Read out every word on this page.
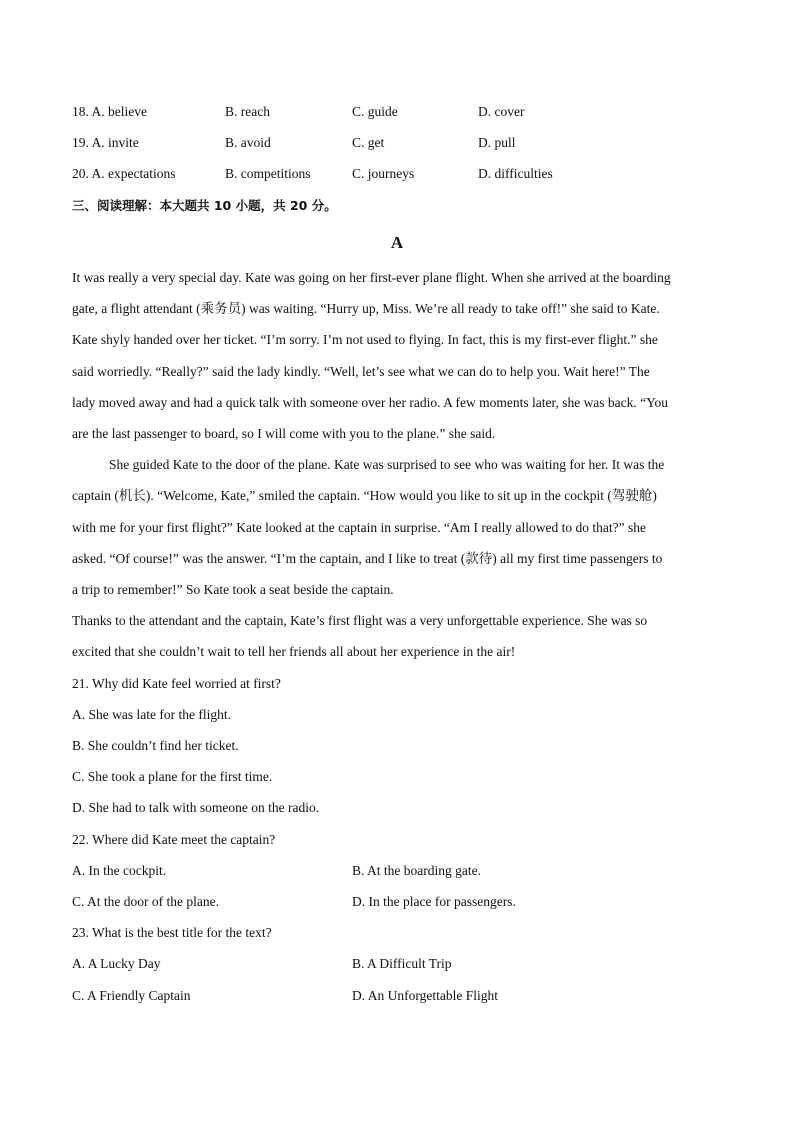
18. A. believe	B. reach	C. guide	D. cover
19. A. invite	B. avoid	C. get	D. pull
20. A. expectations	B. competitions	C. journeys	D. difficulties
三、阅读理解：本大题共 10 小题，共 20 分。
A
It was really a very special day. Kate was going on her first-ever plane flight. When she arrived at the boarding
gate, a flight attendant (乘务员) was waiting. “Hurry up, Miss. We’re all ready to take off!” she said to Kate.
Kate shyly handed over her ticket. “I’m sorry. I’m not used to flying. In fact, this is my first-ever flight.” she
said worriedly. “Really?” said the lady kindly. “Well, let’s see what we can do to help you. Wait here!” The
lady moved away and had a quick talk with someone over her radio. A few moments later, she was back. “You
are the last passenger to board, so I will come with you to the plane.” she said.
She guided Kate to the door of the plane. Kate was surprised to see who was waiting for her. It was the
captain (机长). “Welcome, Kate,” smiled the captain. “How would you like to sit up in the cockpit (驾驶舱)
with me for your first flight?” Kate looked at the captain in surprise. “Am I really allowed to do that?” she
asked. “Of course!” was the answer. “I’m the captain, and I like to treat (款待) all my first time passengers to
a trip to remember!” So Kate took a seat beside the captain.
Thanks to the attendant and the captain, Kate’s first flight was a very unforgettable experience. She was so
excited that she couldn’t wait to tell her friends all about her experience in the air!
21. Why did Kate feel worried at first?
A. She was late for the flight.
B. She couldn’t find her ticket.
C. She took a plane for the first time.
D. She had to talk with someone on the radio.
22. Where did Kate meet the captain?
A. In the cockpit.	B. At the boarding gate.
C. At the door of the plane.	D. In the place for passengers.
23. What is the best title for the text?
A. A Lucky Day	B. A Difficult Trip
C. A Friendly Captain	D. An Unforgettable Flight
